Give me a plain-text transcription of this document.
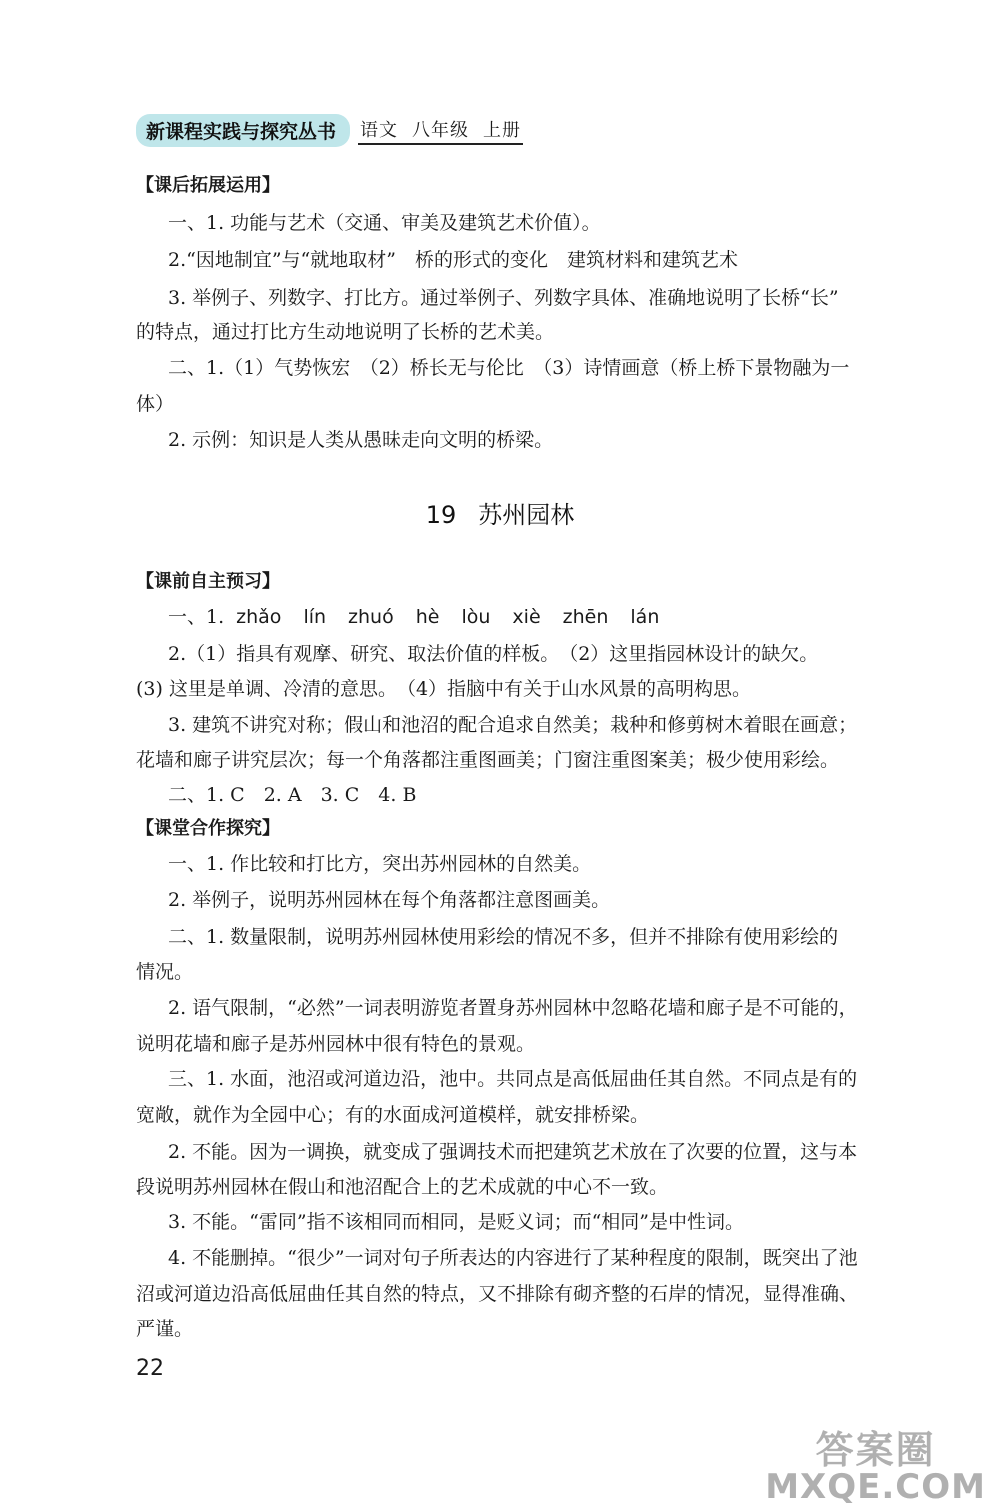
新课程实践与探究丛书	语文 八年级 上册
【课后拓展运用】
一、1. 功能与艺术（交通、审美及建筑艺术价值）。
2.“因地制宜”与“就地取材”　桥的形式的变化　建筑材料和建筑艺术
3. 举例子、列数字、打比方。通过举例子、列数字具体、准确地说明了长桥“长”
的特点，通过打比方生动地说明了长桥的艺术美。
二、1.（1）气势恢宏　（2）桥长无与伦比　（3）诗情画意（桥上桥下景物融为一
体）
2. 示例：知识是人类从愚昧走向文明的桥梁。
19 苏州园林
【课前自主预习】
一、1. zhǎo lín zhuó hè lòu xiè zhēn lán
2.（1）指具有观摩、研究、取法价值的样板。　（2）这里指园林设计的缺欠。
(3) 这里是单调、冷清的意思。　（4）指脑中有关于山水风景的高明构思。
3. 建筑不讲究对称；假山和池沼的配合追求自然美；栽种和修剪树木着眼在画意；
花墙和廊子讲究层次；每一个角落都注重图画美；门窗注重图案美；极少使用彩绘。
二、1. C　2. A　3. C　4. B
【课堂合作探究】
一、1. 作比较和打比方，突出苏州园林的自然美。
2. 举例子，说明苏州园林在每个角落都注意图画美。
二、1. 数量限制，说明苏州园林使用彩绘的情况不多，但并不排除有使用彩绘的
情况。
2. 语气限制，“必然”一词表明游览者置身苏州园林中忽略花墙和廊子是不可能的，
说明花墙和廊子是苏州园林中很有特色的景观。
三、1. 水面，池沼或河道边沿，池中。共同点是高低屈曲任其自然。不同点是有的
宽敞，就作为全园中心；有的水面成河道模样，就安排桥梁。
2. 不能。因为一调换，就变成了强调技术而把建筑艺术放在了次要的位置，这与本
段说明苏州园林在假山和池沼配合上的艺术成就的中心不一致。
3. 不能。“雷同”指不该相同而相同，是贬义词；而“相同”是中性词。
4. 不能删掉。“很少”一词对句子所表达的内容进行了某种程度的限制，既突出了池
沼或河道边沿高低屈曲任其自然的特点，又不排除有砌齐整的石岸的情况，显得准确、
严谨。
22
答案圈
MXQE.COM
